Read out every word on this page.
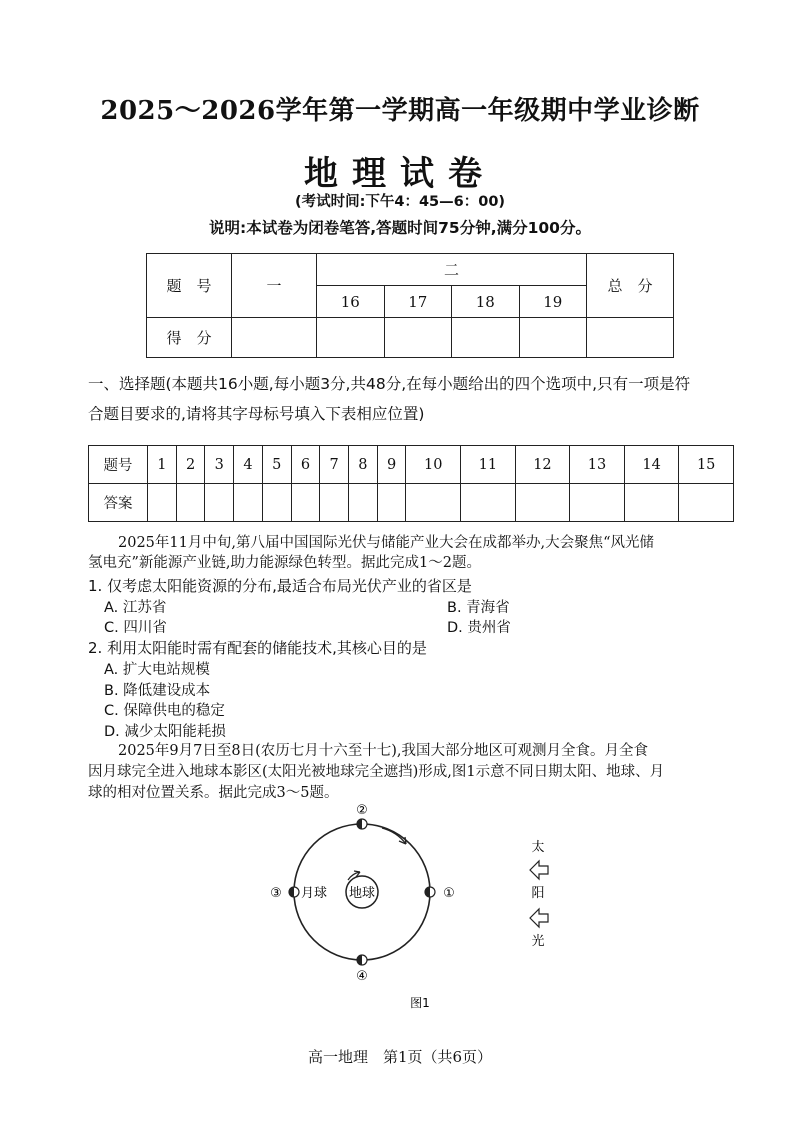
2025～2026学年第一学期高一年级期中学业诊断
地理试卷
(考试时间:下午4：45—6：00)
说明:本试卷为闭卷笔答,答题时间75分钟,满分100分。
题　号	一	二				总　分
		16	17	18	19	
得　分						
一、选择题(本题共16小题,每小题3分,共48分,在每小题给出的四个选项中,只有一项是符
合题目要求的,请将其字母标号填入下表相应位置)
题号	1	2	3	4	5	6	7	8	9	10	11	12	13	14	15
答案															
2025年11月中旬,第八届中国国际光伏与储能产业大会在成都举办,大会聚焦“风光储
氢电充”新能源产业链,助力能源绿色转型。据此完成1～2题。
1. 仅考虑太阳能资源的分布,最适合布局光伏产业的省区是
A. 江苏省	B. 青海省
C. 四川省	D. 贵州省
2. 利用太阳能时需有配套的储能技术,其核心目的是
A. 扩大电站规模
B. 降低建设成本
C. 保障供电的稳定
D. 减少太阳能耗损
2025年9月7日至8日(农历七月十六至十七),我国大部分地区可观测月全食。月全食
因月球完全进入地球本影区(太阳光被地球完全遮挡)形成,图1示意不同日期太阳、地球、月
球的相对位置关系。据此完成3～5题。
地球
②
③ 月球	①
④
太
阳
光
图1
高一地理　第1页（共6页）
